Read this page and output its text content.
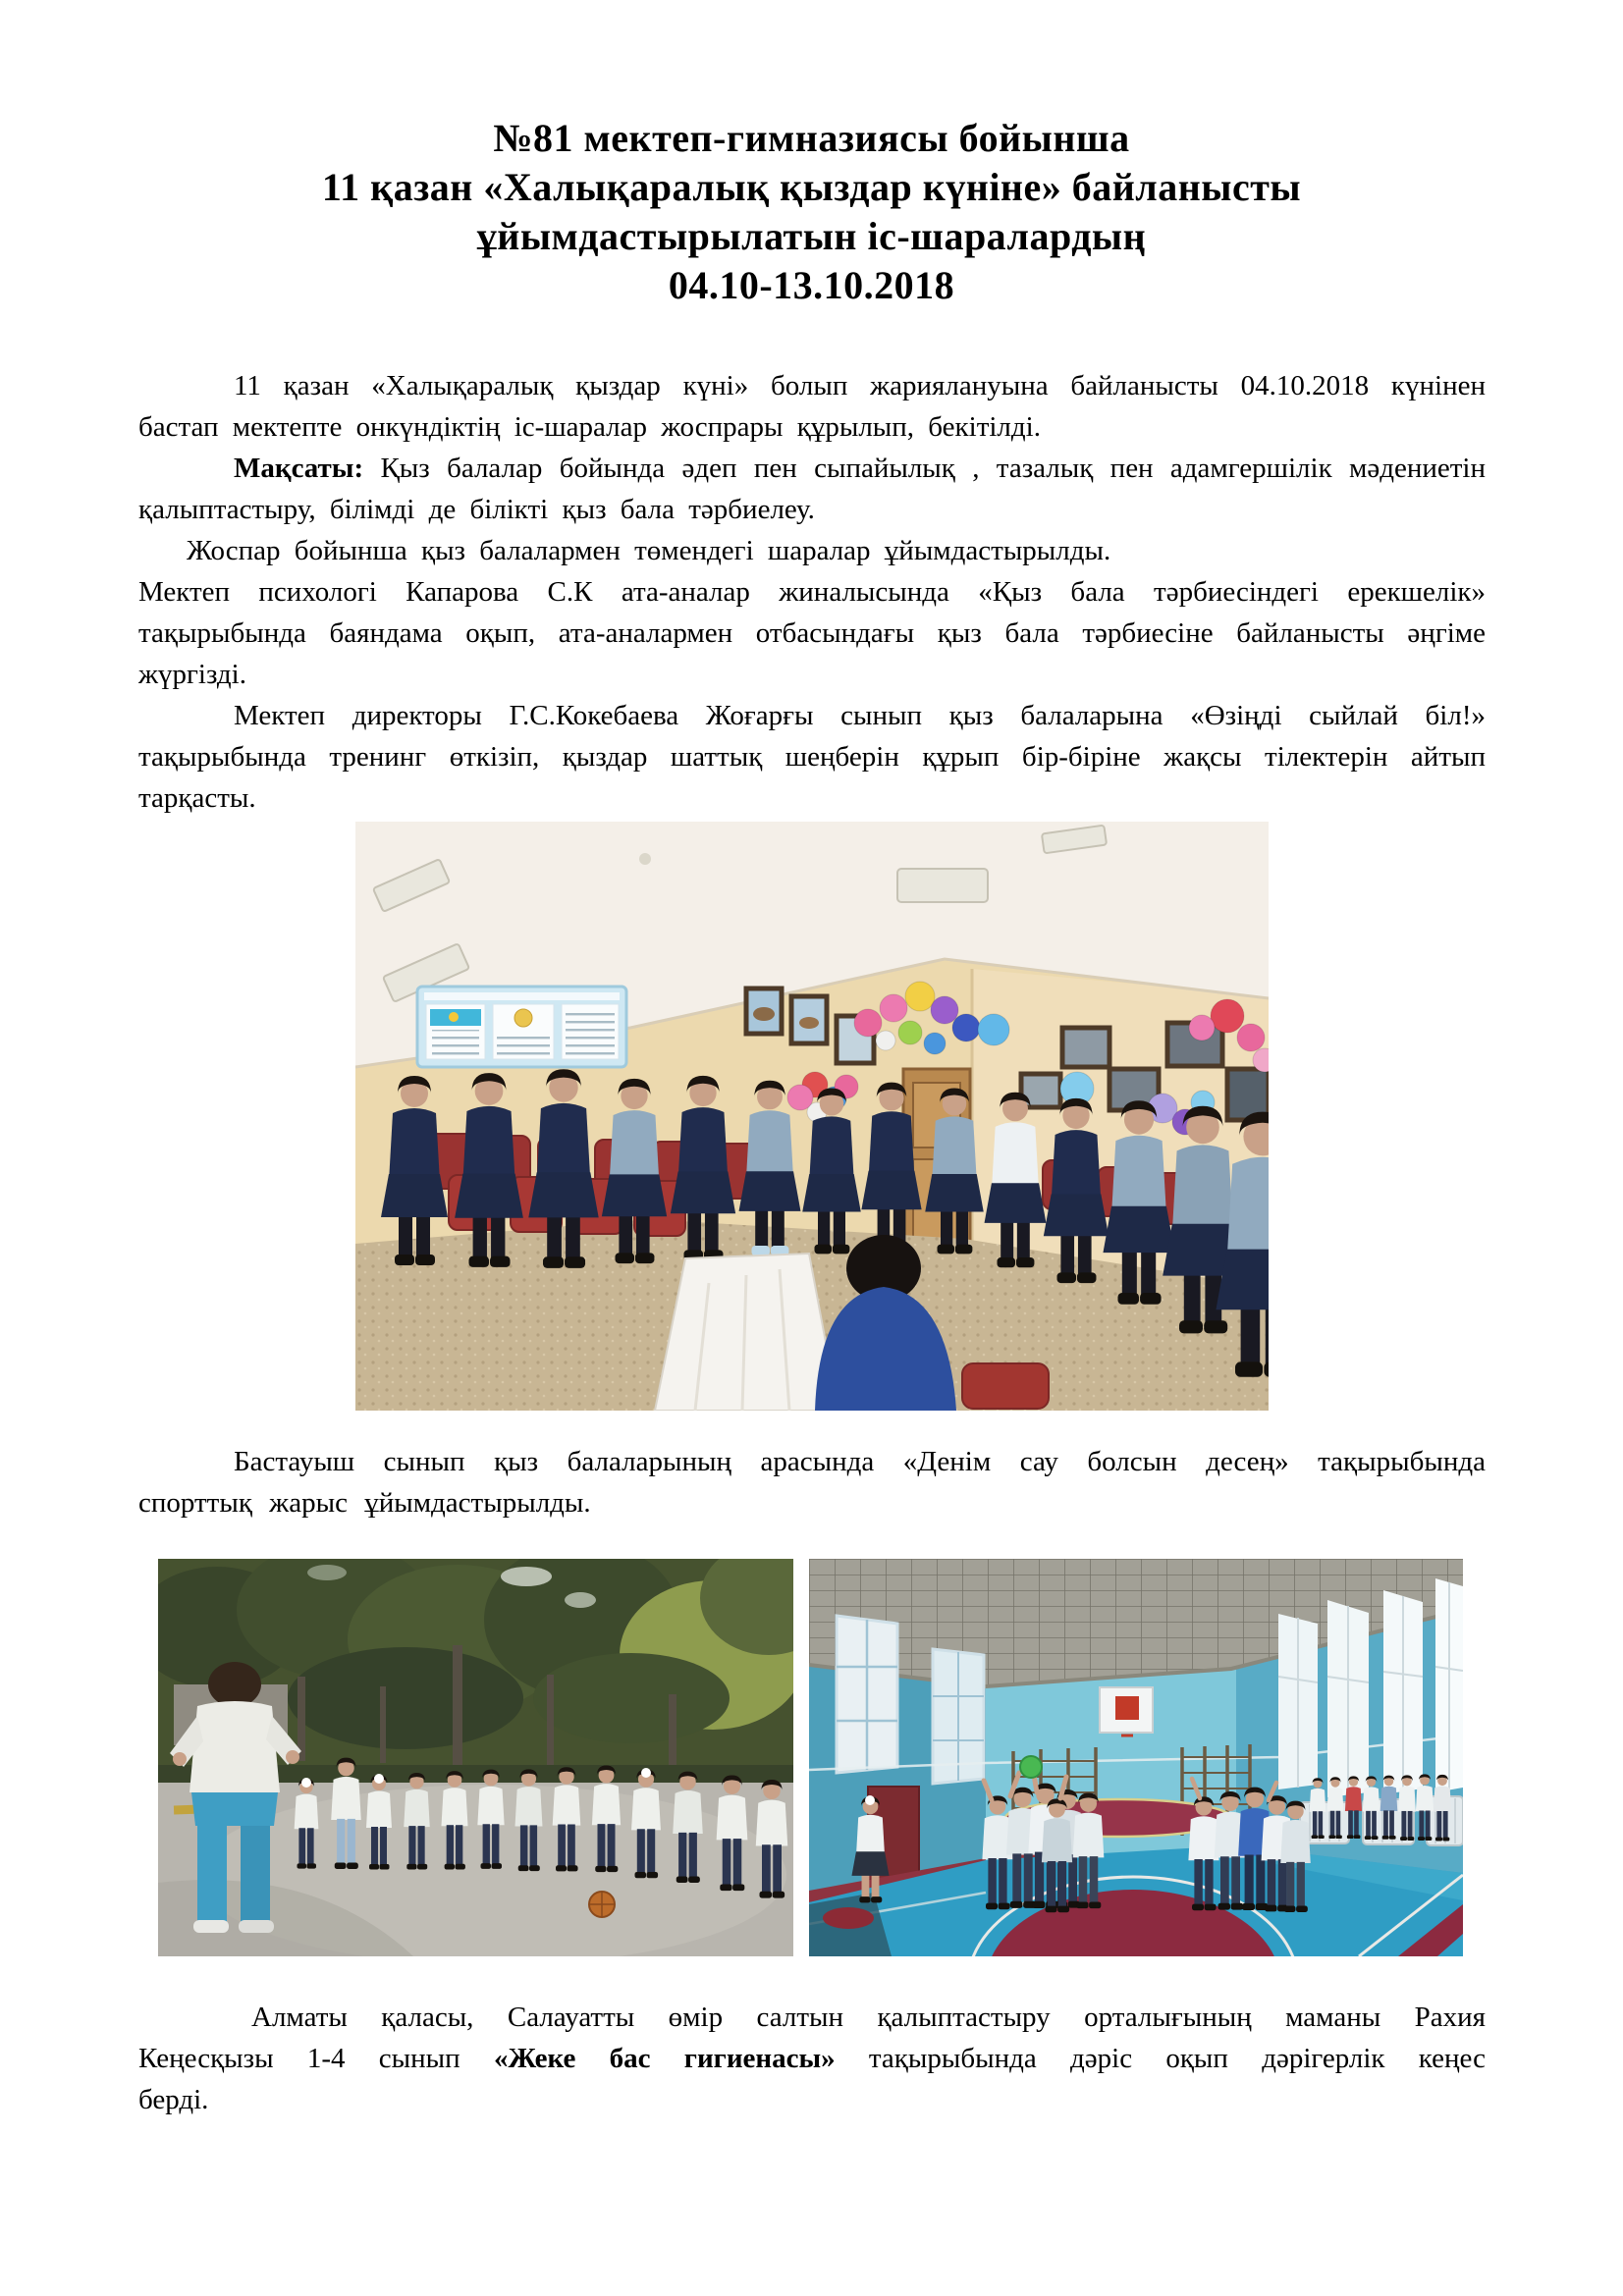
№81 мектеп-гимназиясы бойынша
11 қазан «Халықаралық қыздар күніне» байланысты
ұйымдастырылатын іс-шаралардың
04.10-13.10.2018

11 қазан «Халықаралық қыздар күні» болып жариялануына байланысты 04.10.2018 күнінен бастап мектепте онкүндіктің іс-шаралар жоспрары құрылып, бекітілді.

Мақсаты: Қыз балалар бойында әдеп пен сыпайылық , тазалық пен адамгершілік мәдениетін қалыптастыру, білімді де білікті қыз бала тәрбиелеу.

Жоспар бойынша қыз балалармен төмендегі шаралар ұйымдастырылды.

Мектеп психологі Капарова С.К ата-аналар жиналысында «Қыз бала тәрбиесіндегі ерекшелік» тақырыбында баяндама оқып, ата-аналармен отбасындағы қыз бала тәрбиесіне байланысты әңгіме жүргізді.

Мектеп директоры Г.С.Кокебаева Жоғарғы сынып қыз балаларына «Өзіңді сыйлай біл!» тақырыбында тренинг өткізіп, қыздар шаттық шеңберін құрып бір-біріне жақсы тілектерін айтып тарқасты.

Бастауыш сынып қыз балаларының арасында «Денім сау болсын десең» тақырыбында спорттық жарыс ұйымдастырылды.

Алматы қаласы, Салауатты өмір салтын қалыптастыру орталығының маманы Рахия Кеңесқызы 1-4 сынып «Жеке бас гигиенасы» тақырыбында дәріс оқып дәрігерлік кеңес берді.
